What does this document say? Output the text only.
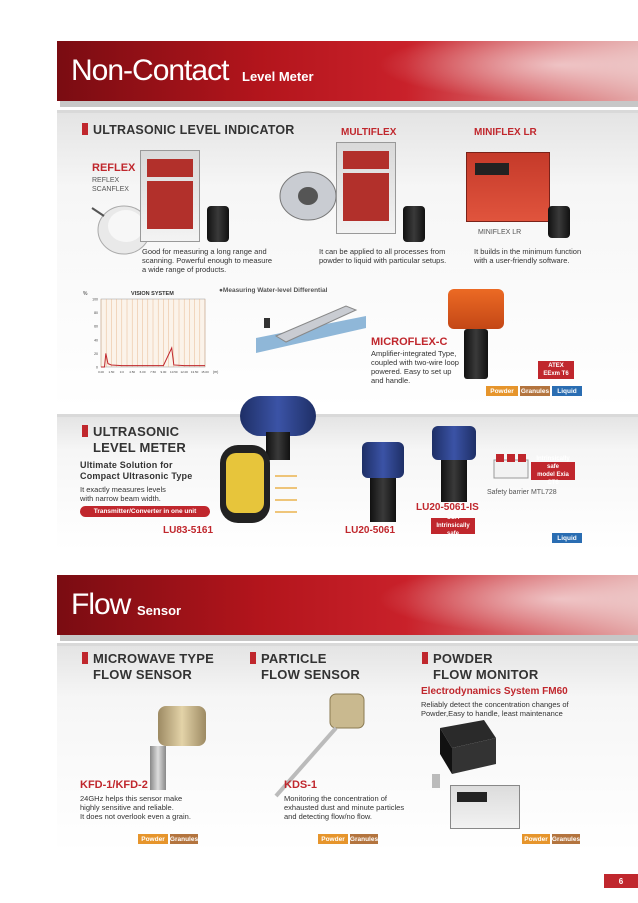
Non-Contact Level Meter
ULTRASONIC LEVEL INDICATOR	MULTIFLEX	MINIFLEX LR
REFLEX
REFLEX
SCANFLEX
Good for measuring a long range and
scanning. Powerful enough to measure
a wide range of products.
It can be applied to all processes from
powder to liquid with particular setups.
MINIFLEX LR
It builds in the minimum function
with a user-friendly software.
%	VISION SYSTEM
100
80
60
40
20
0
0.00 1.50 3.0 4.50 6.00 7.50 9.00 10.50 12.00 13.50 15.00 (m)
●Measuring Water-level Differential
MICROFLEX-C
Amplifier-integrated Type,
coupled with two-wire loop
powered. Easy to set up
and handle.
ATEX
EExm T6
Powder	Granules	Liquid
ULTRASONIC
LEVEL METER
Ultimate Solution for
Compact Ultrasonic Type
It exactly measures levels
with narrow beam width.
Transmitter/Converter in one unit
LU83-5161	LU20-5061
LU20-5061-IS
CSA
Intrinsically safe
Intrinsically safe
model Exia CT6
Safety barrier MTL728
Liquid
Flow Sensor
MICROWAVE TYPE
FLOW SENSOR
PARTICLE
FLOW SENSOR
POWDER
FLOW MONITOR
Electrodynamics System FM60
Reliably detect the concentration changes of
Powder,Easy to handle, least maintenance
KFD-1/KFD-2
24GHz helps this sensor make
highly sensitive and reliable.
It does not overlook even a grain.
KDS-1
Monitoring the concentration of
exhausted dust and minute particles
and detecting flow/no flow.
Powder Granules	Powder Granules	Powder Granules
6
